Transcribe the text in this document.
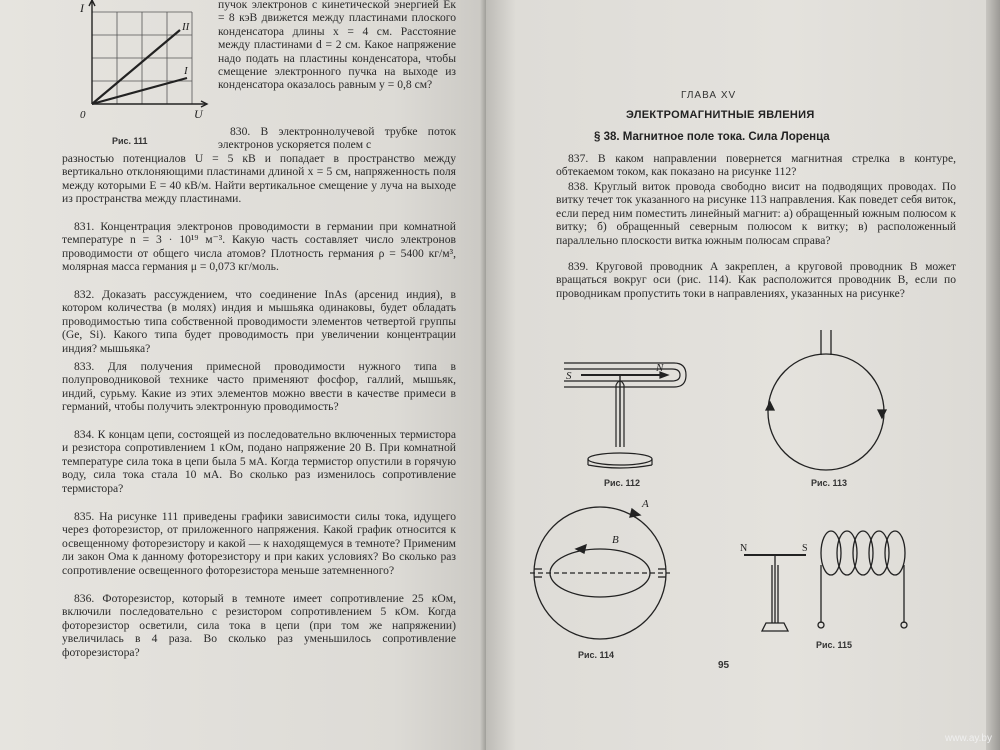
I
U
0
II
I
Рис. 111

пучок электронов с кинетической энергией Eк = 8 кэВ движется между пластинами плоского конденсатора длины x = 4 см. Расстояние между пластинами d = 2 см. Какое напряжение надо подать на пластины конденсатора, чтобы смещение электронного пучка на выходе из конденсатора оказалось равным y = 0,8 см?

830. В электроннолучевой трубке поток электронов ускоряется полем с

разностью потенциалов U = 5 кВ и попадает в пространство между вертикально отклоняющими пластинами длиной x = 5 см, напряженность поля между которыми E = 40 кВ/м. Найти вертикальное смещение y луча на выходе из пространства между пластинами.

831. Концентрация электронов проводимости в германии при комнатной температуре n = 3 · 10¹⁹ м⁻³. Какую часть составляет число электронов проводимости от общего числа атомов? Плотность германия ρ = 5400 кг/м³, молярная масса германия μ = 0,073 кг/моль.

832. Доказать рассуждением, что соединение InAs (арсенид индия), в котором количества (в молях) индия и мышьяка одинаковы, будет обладать проводимостью типа собственной проводимости элементов четвертой группы (Ge, Si). Какого типа будет проводимость при увеличении концентрации индия? мышьяка?

833. Для получения примесной проводимости нужного типа в полупроводниковой технике часто применяют фосфор, галлий, мышьяк, индий, сурьму. Какие из этих элементов можно ввести в качестве примеси в германий, чтобы получить электронную проводимость?

834. К концам цепи, состоящей из последовательно включенных термистора и резистора сопротивлением 1 кОм, подано напряжение 20 В. При комнатной температуре сила тока в цепи была 5 мА. Когда термистор опустили в горячую воду, сила тока стала 10 мА. Во сколько раз изменилось сопротивление термистора?

835. На рисунке 111 приведены графики зависимости силы тока, идущего через фоторезистор, от приложенного напряжения. Какой график относится к освещенному фоторезистору и какой — к находящемуся в темноте? Применим ли закон Ома к данному фоторезистору и при каких условиях? Во сколько раз сопротивление освещенного фоторезистора меньше затемненного?

836. Фоторезистор, который в темноте имеет сопротивление 25 кОм, включили последовательно с резистором сопротивлением 5 кОм. Когда фоторезистор осветили, сила тока в цепи (при том же напряжении) увеличилась в 4 раза. Во сколько раз уменьшилось сопротивление фоторезистора?

ГЛАВА XV
ЭЛЕКТРОМАГНИТНЫЕ ЯВЛЕНИЯ
§ 38. Магнитное поле тока. Сила Лоренца

837. В каком направлении повернется магнитная стрелка в контуре, обтекаемом током, как показано на рисунке 112?

838. Круглый виток провода свободно висит на подводящих проводах. По витку течет ток указанного на рисунке 113 направления. Как поведет себя виток, если перед ним поместить линейный магнит: а) обращенный южным полюсом к витку; б) обращенный северным полюсом к витку; в) расположенный параллельно плоскости витка южным полюсам справа?

839. Круговой проводник A закреплен, а круговой проводник B может вращаться вокруг оси (рис. 114). Как расположится проводник B, если по проводникам пропустить токи в направлениях, указанных на рисунке?

S
N
Рис. 112	Рис. 113
A
B
Рис. 114
N	S
Рис. 115
95
www.ay.by
